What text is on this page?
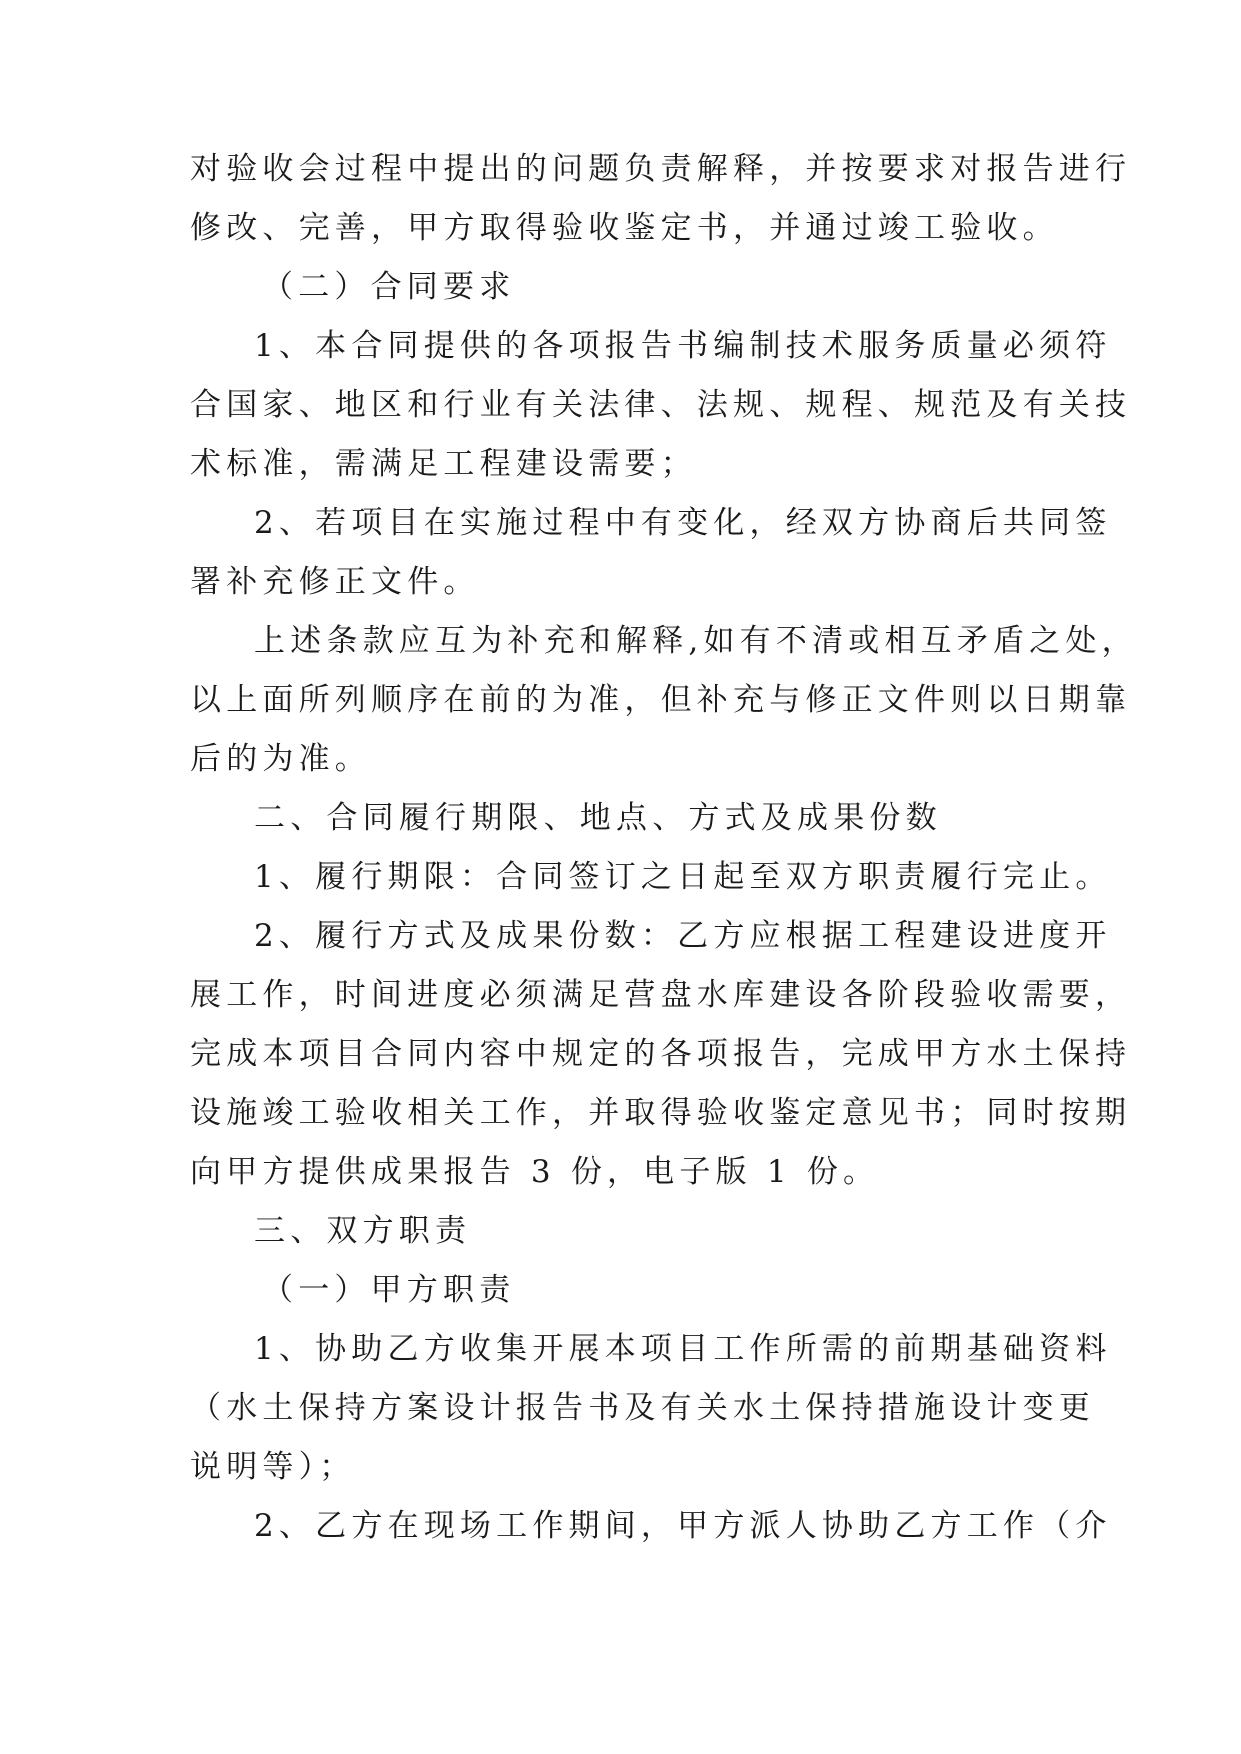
对验收会过程中提出的问题负责解释，并按要求对报告进行
修改、完善，甲方取得验收鉴定书，并通过竣工验收。
（二）合同要求
1、本合同提供的各项报告书编制技术服务质量必须符
合国家、地区和行业有关法律、法规、规程、规范及有关技
术标准，需满足工程建设需要；
2、若项目在实施过程中有变化，经双方协商后共同签
署补充修正文件。
上述条款应互为补充和解释,如有不清或相互矛盾之处，
以上面所列顺序在前的为准，但补充与修正文件则以日期靠
后的为准。
二、合同履行期限、地点、方式及成果份数
1、履行期限：合同签订之日起至双方职责履行完止。
2、履行方式及成果份数：乙方应根据工程建设进度开
展工作，时间进度必须满足营盘水库建设各阶段验收需要，
完成本项目合同内容中规定的各项报告，完成甲方水土保持
设施竣工验收相关工作，并取得验收鉴定意见书；同时按期
向甲方提供成果报告 3 份，电子版 1 份。
三、双方职责
（一）甲方职责
1、协助乙方收集开展本项目工作所需的前期基础资料
（水土保持方案设计报告书及有关水土保持措施设计变更
说明等）；
2、乙方在现场工作期间，甲方派人协助乙方工作（介
